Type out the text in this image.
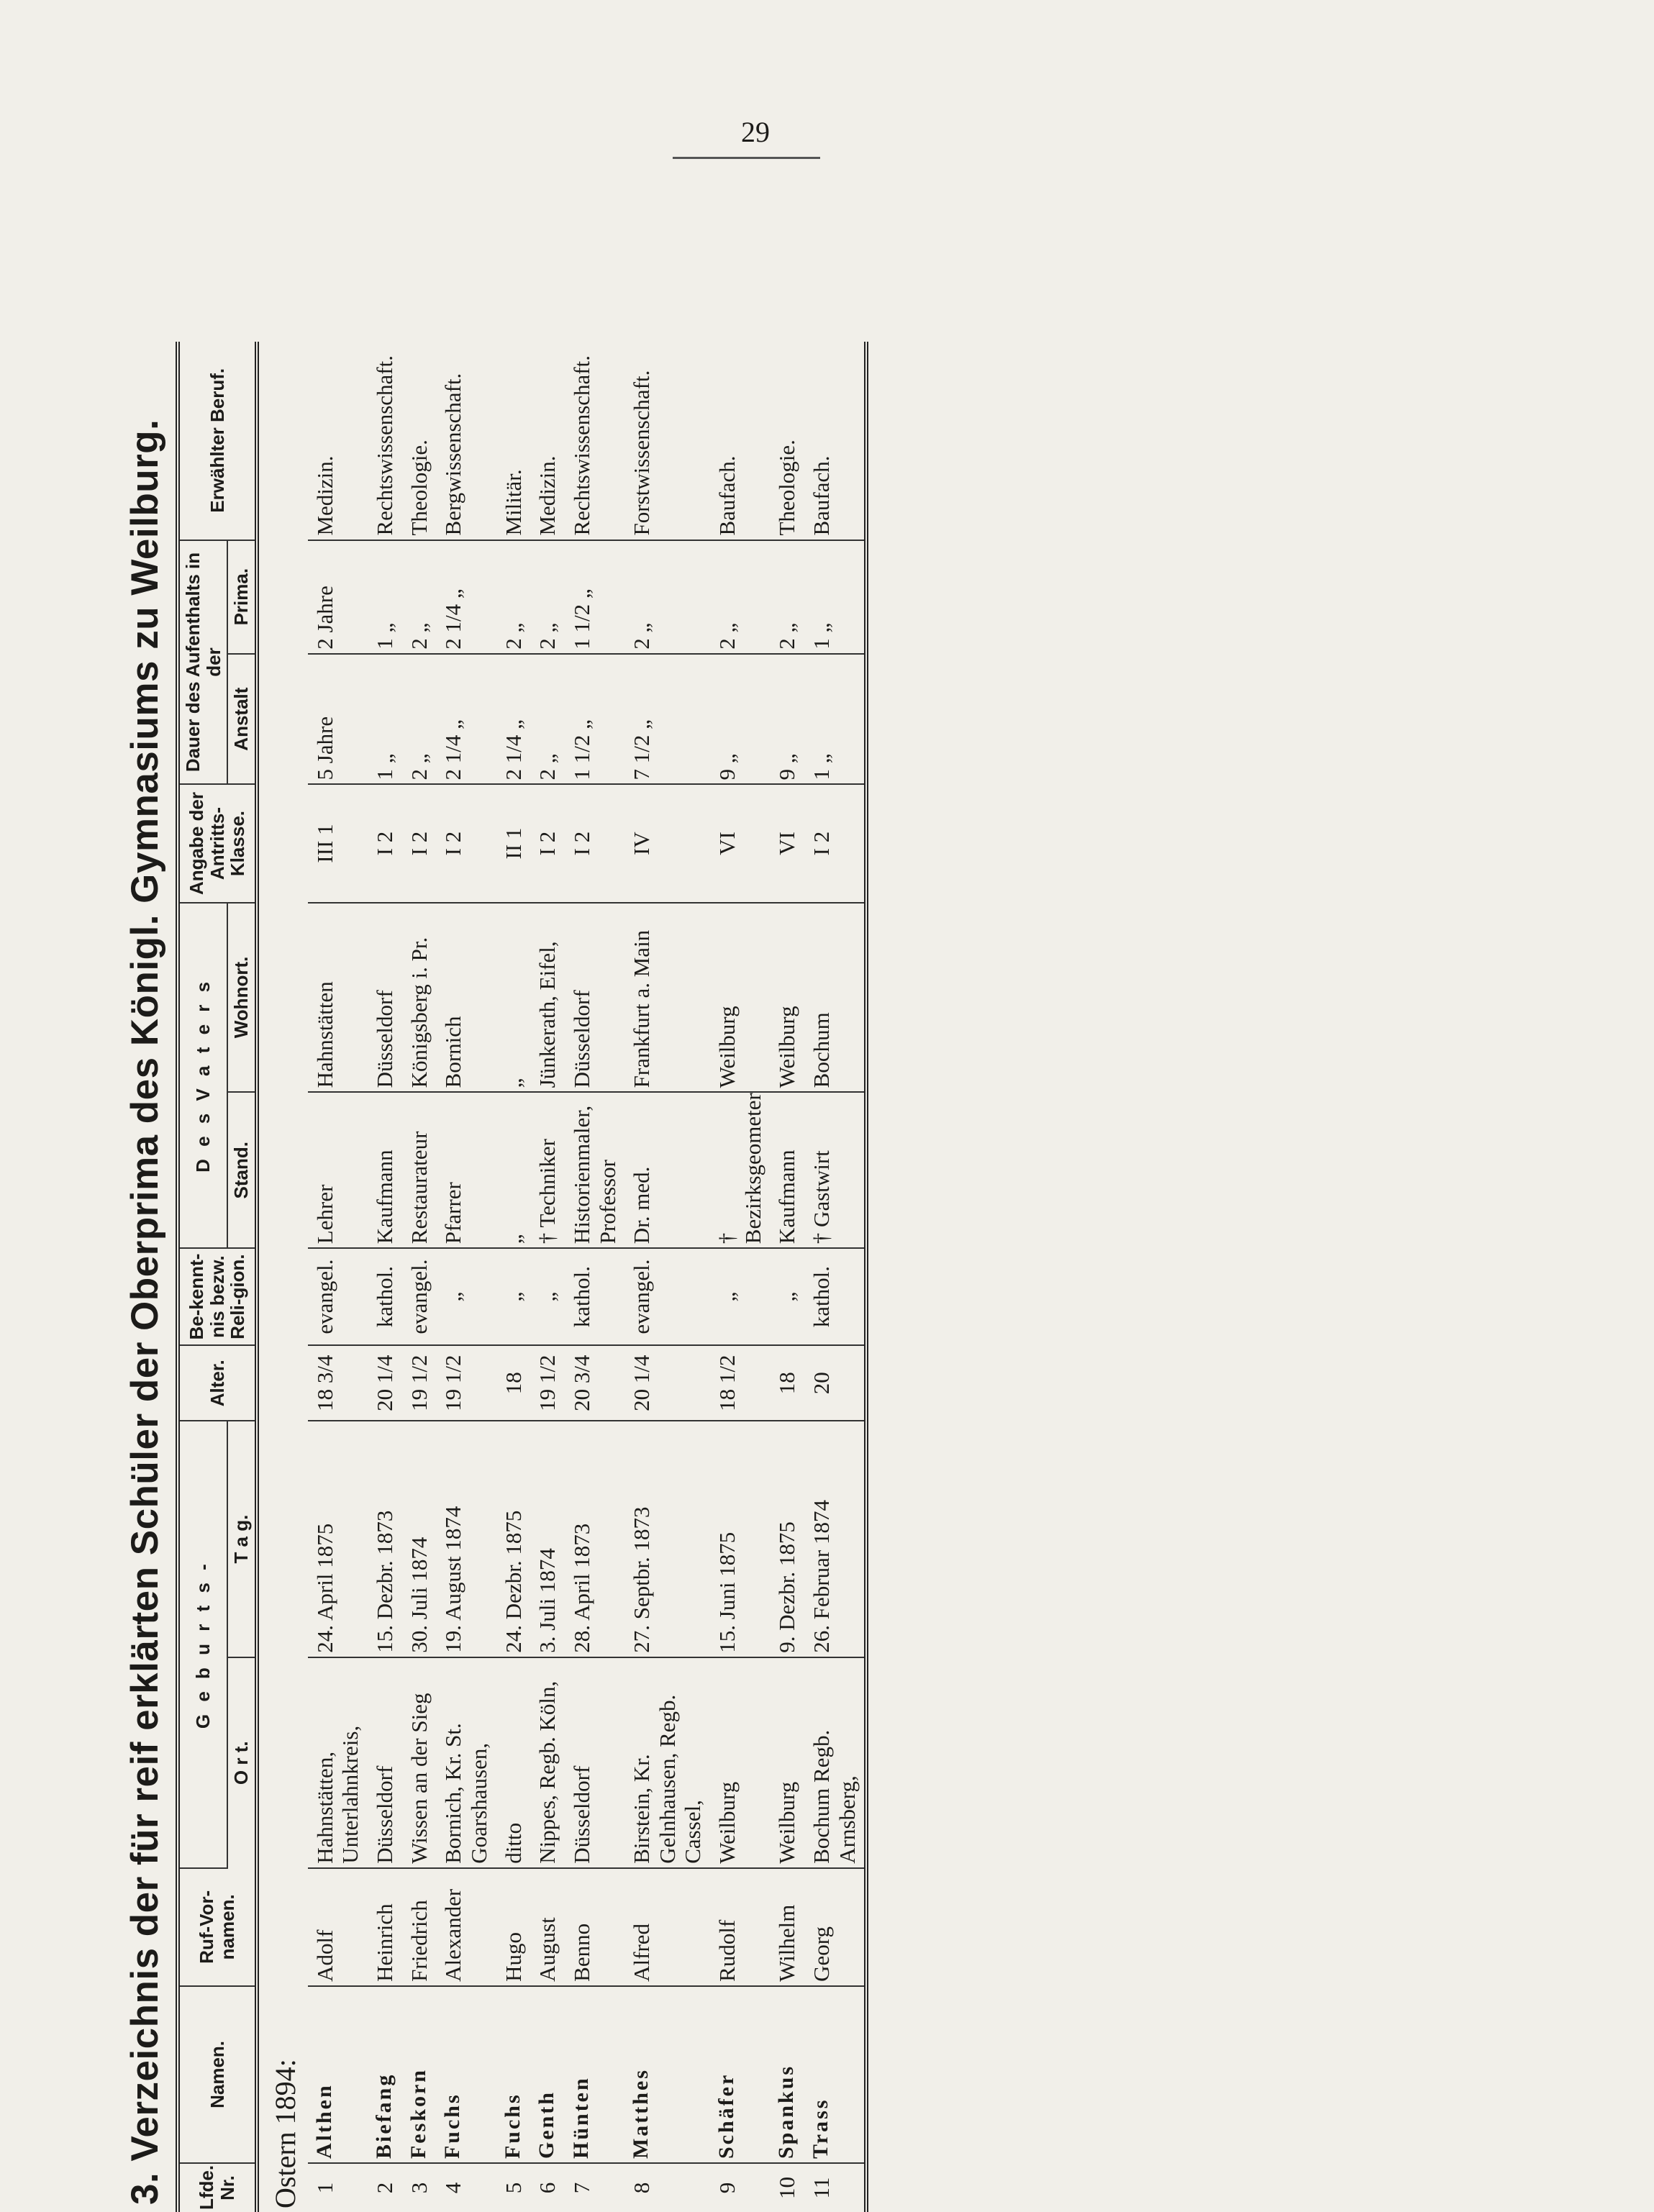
29
3. Verzeichnis der für reif erklärten Schüler der Oberprima des Königl. Gymnasiums zu Weilburg.	Lfde. Nr.	Namen.	Ruf-Vor-namen.	G e b u r t s -		Alter.	Be-kennt-nis bezw. Reli-gion.	D e s V a t e r s		Angabe der Antritts-Klasse.	Dauer des Aufenthalts in der		Erwählter Beruf.
			O r t.	T a g.			Stand.	Wohnort.		Anstalt	Prima.	
Ostern 1894:												
1	Althen	Adolf	Hahnstätten, Unterlahnkreis,	24. April 1875	18 3/4	evangel.	Lehrer	Hahnstätten	III 1	5 Jahre	2 Jahre	Medizin.
2	Biefang	Heinrich	Düsseldorf	15. Dezbr. 1873	20 1/4	kathol.	Kaufmann	Düsseldorf	I 2	1 „	1 „	Rechtswissenschaft.
3	Feskorn	Friedrich	Wissen an der Sieg	30. Juli 1874	19 1/2	evangel.	Restaurateur	Königsberg i. Pr.	I 2	2 „	2 „	Theologie.
4	Fuchs	Alexander	Bornich, Kr. St. Goarshausen,	19. August 1874	19 1/2	„	Pfarrer	Bornich	I 2	2 1/4 „	2 1/4 „	Bergwissenschaft.
5	Fuchs	Hugo	ditto	24. Dezbr. 1875	18	„	„	„	II 1	2 1/4 „	2 „	Militär.
6	Genth	August	Nippes, Regb. Köln,	3. Juli 1874	19 1/2	„	† Techniker	Jünkerath, Eifel,	I 2	2 „	2 „	Medizin.
7	Hünten	Benno	Düsseldorf	28. April 1873	20 3/4	kathol.	Historienmaler, Professor	Düsseldorf	I 2	1 1/2 „	1 1/2 „	Rechtswissenschaft.
8	Matthes	Alfred	Birstein, Kr. Gelnhausen, Regb. Cassel,	27. Septbr. 1873	20 1/4	evangel.	Dr. med.	Frankfurt a. Main	IV	7 1/2 „	2 „	Forstwissenschaft.
9	Schäfer	Rudolf	Weilburg	15. Juni 1875	18 1/2	„	† Bezirksgeometer	Weilburg	VI	9 „	2 „	Baufach.
10	Spankus	Wilhelm	Weilburg	9. Dezbr. 1875	18	„	Kaufmann	Weilburg	VI	9 „	2 „	Theologie.
11	Trass	Georg	Bochum Regb. Arnsberg,	26. Februar 1874	20	kathol.	† Gastwirt	Bochum	I 2	1 „	1 „	Baufach.
